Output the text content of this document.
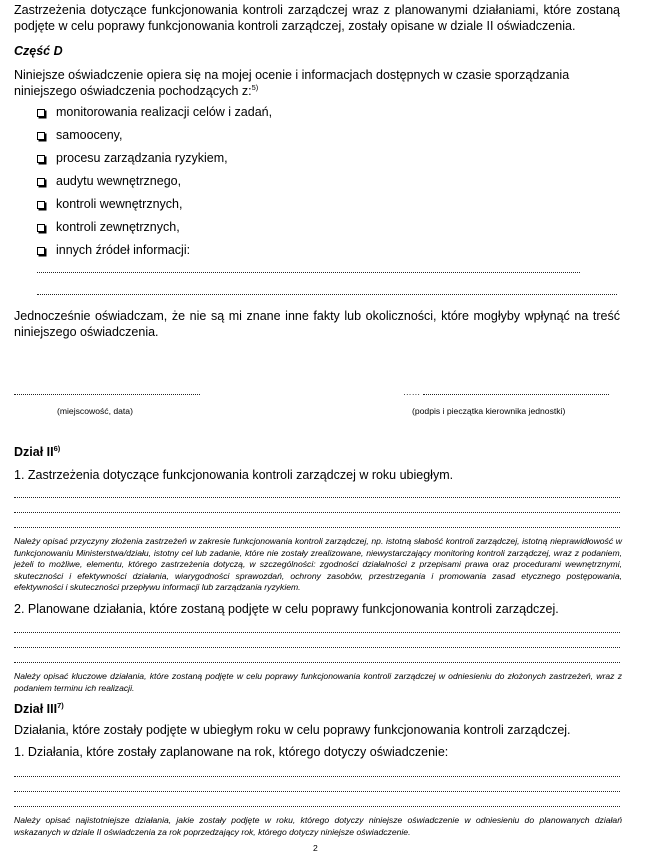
Zastrzeżenia dotyczące funkcjonowania kontroli zarządczej wraz z planowanymi działaniami, które zostaną podjęte w celu poprawy funkcjonowania kontroli zarządczej, zostały opisane w dziale II oświadczenia.
Część D
Niniejsze oświadczenie opiera się na mojej ocenie i informacjach dostępnych w czasie sporządzania niniejszego oświadczenia pochodzących z:$^{5)}$
monitorowania realizacji celów i zadań,
samooceny,
procesu zarządzania ryzykiem,
audytu wewnętrznego,
kontroli wewnętrznych,
kontroli zewnętrznych,
innych źródeł informacji:
Jednocześnie oświadczam, że nie są mi znane inne fakty lub okoliczności, które mogłyby wpłynąć na treść niniejszego oświadczenia.
(miejscowość, data)
……
(podpis i pieczątka kierownika jednostki)
Dział II$^{6)}$
1. Zastrzeżenia dotyczące funkcjonowania kontroli zarządczej w roku ubiegłym.
Należy opisać przyczyny złożenia zastrzeżeń w zakresie funkcjonowania kontroli zarządczej, np. istotną słabość kontroli zarządczej, istotną nieprawidłowość w funkcjonowaniu Ministerstwa/działu, istotny cel lub zadanie, które nie zostały zrealizowane, niewystarczający monitoring kontroli zarządczej, wraz z podaniem, jeżeli to możliwe, elementu, którego zastrzeżenia dotyczą, w szczególności: zgodności działalności z przepisami prawa oraz procedurami wewnętrznymi, skuteczności i efektywności działania, wiarygodności sprawozdań, ochrony zasobów, przestrzegania i promowania zasad etycznego postępowania, efektywności i skuteczności przepływu informacji lub zarządzania ryzykiem.
2. Planowane działania, które zostaną podjęte w celu poprawy funkcjonowania kontroli zarządczej.
Należy opisać kluczowe działania, które zostaną podjęte w celu poprawy funkcjonowania kontroli zarządczej w odniesieniu do złożonych zastrzeżeń, wraz z podaniem terminu ich realizacji.
Dział III$^{7)}$
Działania, które zostały podjęte w ubiegłym roku w celu poprawy funkcjonowania kontroli zarządczej.
1. Działania, które zostały zaplanowane na rok, którego dotyczy oświadczenie:
Należy opisać najistotniejsze działania, jakie zostały podjęte w roku, którego dotyczy niniejsze oświadczenie w odniesieniu do planowanych działań wskazanych w dziale II oświadczenia za rok poprzedzający rok, którego dotyczy niniejsze oświadczenie.
2
